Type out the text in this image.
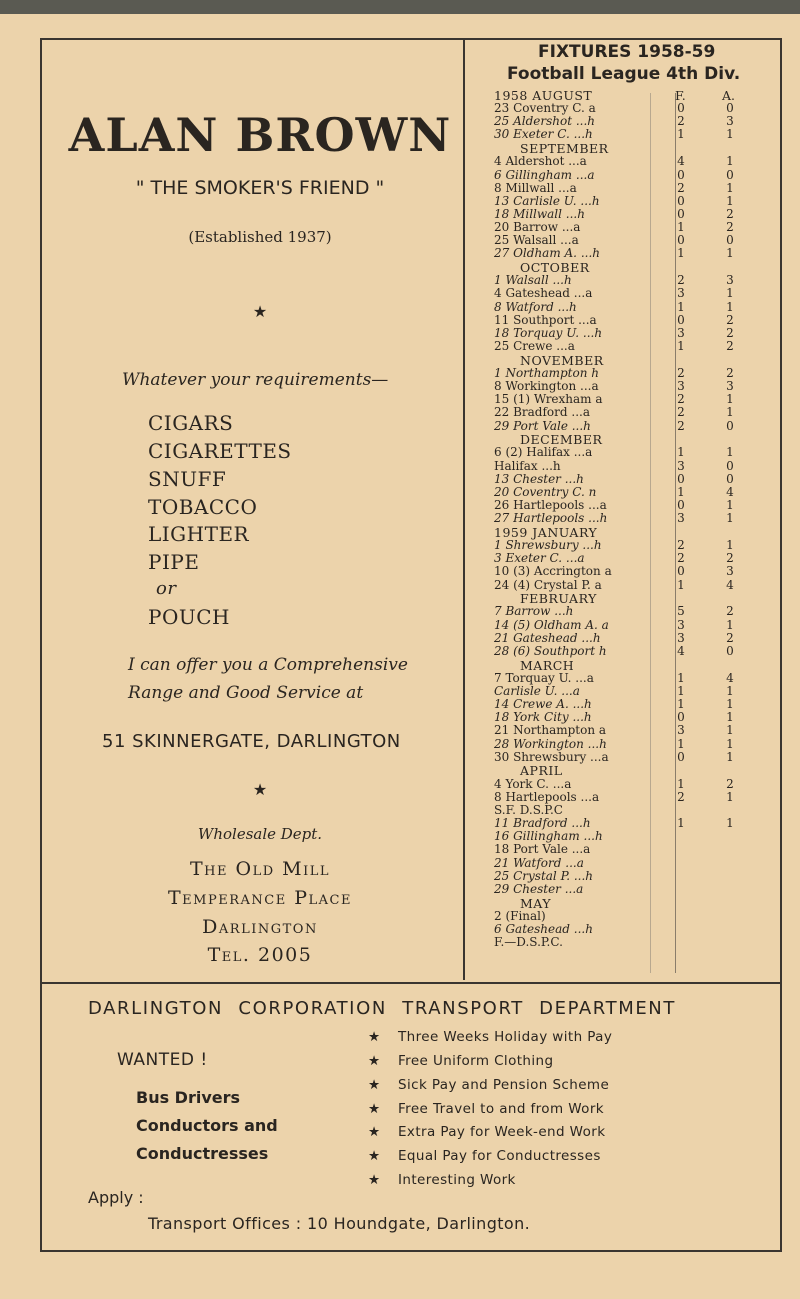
ALAN BROWN
" THE SMOKER'S FRIEND "
(Established 1937)
★
Whatever your requirements—
CIGARS
CIGARETTES
SNUFF
TOBACCO
LIGHTER
PIPE
or
POUCH
I can offer you a Comprehensive
Range and Good Service at
51 SKINNERGATE, DARLINGTON
★
Wholesale Dept.
The Old Mill
Temperance Place
Darlington
Tel. 2005
FIXTURES 1958-59
Football League 4th Div.
F.	A.
1958 AUGUST
23 Coventry C. a	0	0
25 Aldershot ...h	2	3
30 Exeter C. ...h	1	1
SEPTEMBER
4 Aldershot ...a	4	1
6 Gillingham ...a	0	0
8 Millwall ...a	2	1
13 Carlisle U. ...h	0	1
18 Millwall ...h	0	2
20 Barrow ...a	1	2
25 Walsall ...a	0	0
27 Oldham A. ...h	1	1
OCTOBER
1 Walsall ...h	2	3
4 Gateshead ...a	3	1
8 Watford ...h	1	1
11 Southport ...a	0	2
18 Torquay U. ...h	3	2
25 Crewe ...a	1	2
NOVEMBER
1 Northampton h	2	2
8 Workington ...a	3	3
15 (1) Wrexham a	2	1
22 Bradford ...a	2	1
29 Port Vale ...h	2	0
DECEMBER
6 (2) Halifax ...a	1	1
Halifax ...h	3	0
13 Chester ...h	0	0
20 Coventry C. n	1	4
26 Hartlepools ...a	0	1
27 Hartlepools ...h	3	1
1959 JANUARY
1 Shrewsbury ...h	2	1
3 Exeter C. ...a	2	2
10 (3) Accrington a	0	3
24 (4) Crystal P. a	1	4
FEBRUARY
7 Barrow ...h	5	2
14 (5) Oldham A. a	3	1
21 Gateshead ...h	3	2
28 (6) Southport h	4	0
MARCH
7 Torquay U. ...a	1	4
Carlisle U. ...a	1	1
14 Crewe A. ...h	1	1
18 York City ...h	0	1
21 Northampton a	3	1
28 Workington ...h	1	1
30 Shrewsbury ...a	0	1
APRIL
4 York C. ...a	1	2
8 Hartlepools ...a	2	1
S.F. D.S.P.C
11 Bradford ...h	1	1
16 Gillingham ...h
18 Port Vale ...a
21 Watford ...a
25 Crystal P. ...h
29 Chester ...a
MAY
2 (Final)
6 Gateshead ...h
F.—D.S.P.C.
DARLINGTON CORPORATION TRANSPORT DEPARTMENT
WANTED !
Bus Drivers
Conductors and
Conductresses
★ Three Weeks Holiday with Pay
★ Free Uniform Clothing
★ Sick Pay and Pension Scheme
★ Free Travel to and from Work
★ Extra Pay for Week-end Work
★ Equal Pay for Conductresses
★ Interesting Work
Apply :
Transport Offices : 10 Houndgate, Darlington.
